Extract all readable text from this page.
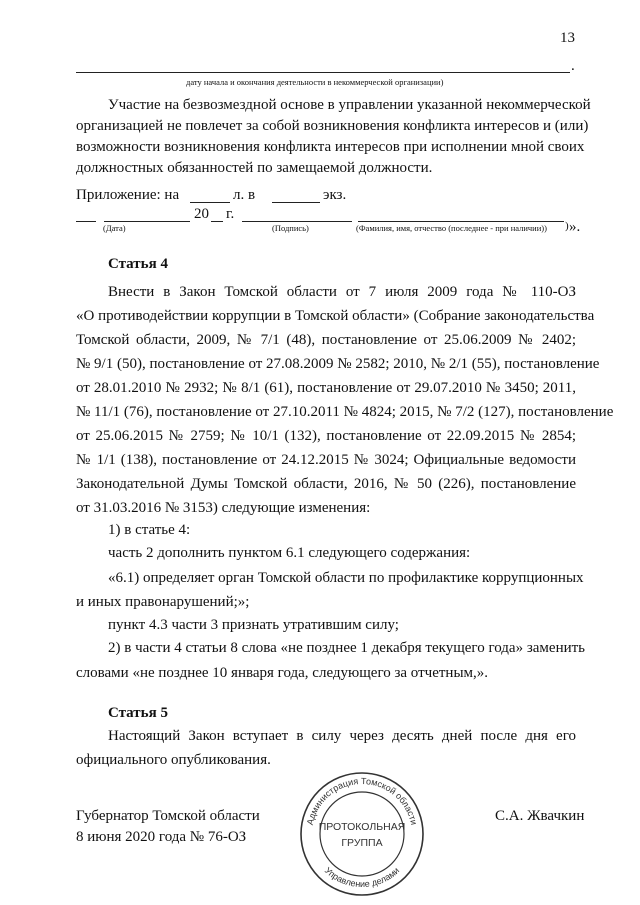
13
.
дату начала и окончания деятельности в некоммерческой организации)
Участие на безвозмездной основе в управлении указанной некоммерческой
организацией не повлечет за собой возникновения конфликта интересов и (или)
возможности возникновения конфликта интересов при исполнении мной своих
должностных обязанностей по замещаемой должности.
Приложение: на	л. в	экз.
20 г.
(Дата)	(Подпись)	(Фамилия, имя, отчество (последнее - при наличии)) ) ».
Статья 4
Внести в Закон Томской области от 7 июля 2009 года № 110-ОЗ
«О противодействии коррупции в Томской области» (Собрание законодательства
Томской области, 2009, № 7/1 (48), постановление от 25.06.2009 № 2402;
№ 9/1 (50), постановление от 27.08.2009 № 2582; 2010, № 2/1 (55), постановление
от 28.01.2010 № 2932; № 8/1 (61), постановление от 29.07.2010 № 3450; 2011,
№ 11/1 (76), постановление от 27.10.2011 № 4824; 2015, № 7/2 (127), постановление
от 25.06.2015 № 2759; № 10/1 (132), постановление от 22.09.2015 № 2854;
№ 1/1 (138), постановление от 24.12.2015 № 3024; Официальные ведомости
Законодательной Думы Томской области, 2016, № 50 (226), постановление
от 31.03.2016 № 3153) следующие изменения:
1) в статье 4:
часть 2 дополнить пунктом 6.1 следующего содержания:
«6.1) определяет орган Томской области по профилактике коррупционных
и иных правонарушений;»;
пункт 4.3 части 3 признать утратившим силу;
2) в части 4 статьи 8 слова «не позднее 1 декабря текущего года» заменить
словами «не позднее 10 января года, следующего за отчетным,».
Статья 5
Настоящий Закон вступает в силу через десять дней после дня его
официального опубликования.
Губернатор Томской области
8 июня 2020 года № 76-ОЗ
С.А. Жвачкин
Администрация Томской области
Управление делами
ПРОТОКОЛЬНАЯ
ГРУППА
